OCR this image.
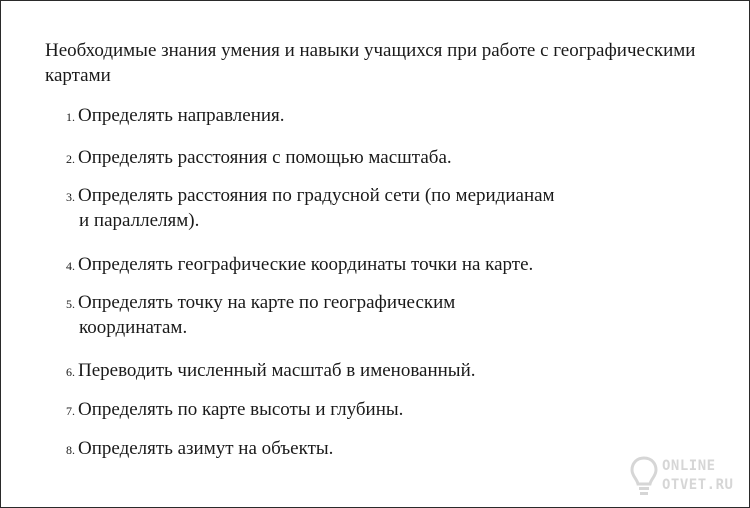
Необходимые знания умения и навыки учащихся при работе с географическими картами
1. Определять направления.
2. Определять расстояния с помощью масштаба.
3. Определять расстояния по градусной сети (по меридианам
и параллелям).
4. Определять географические координаты точки на карте.
5. Определять точку на карте по географическим
координатам.
6. Переводить численный масштаб в именованный.
7. Определять по карте высоты и глубины.
8. Определять азимут на объекты.
ONLINE
OTVET.RU
